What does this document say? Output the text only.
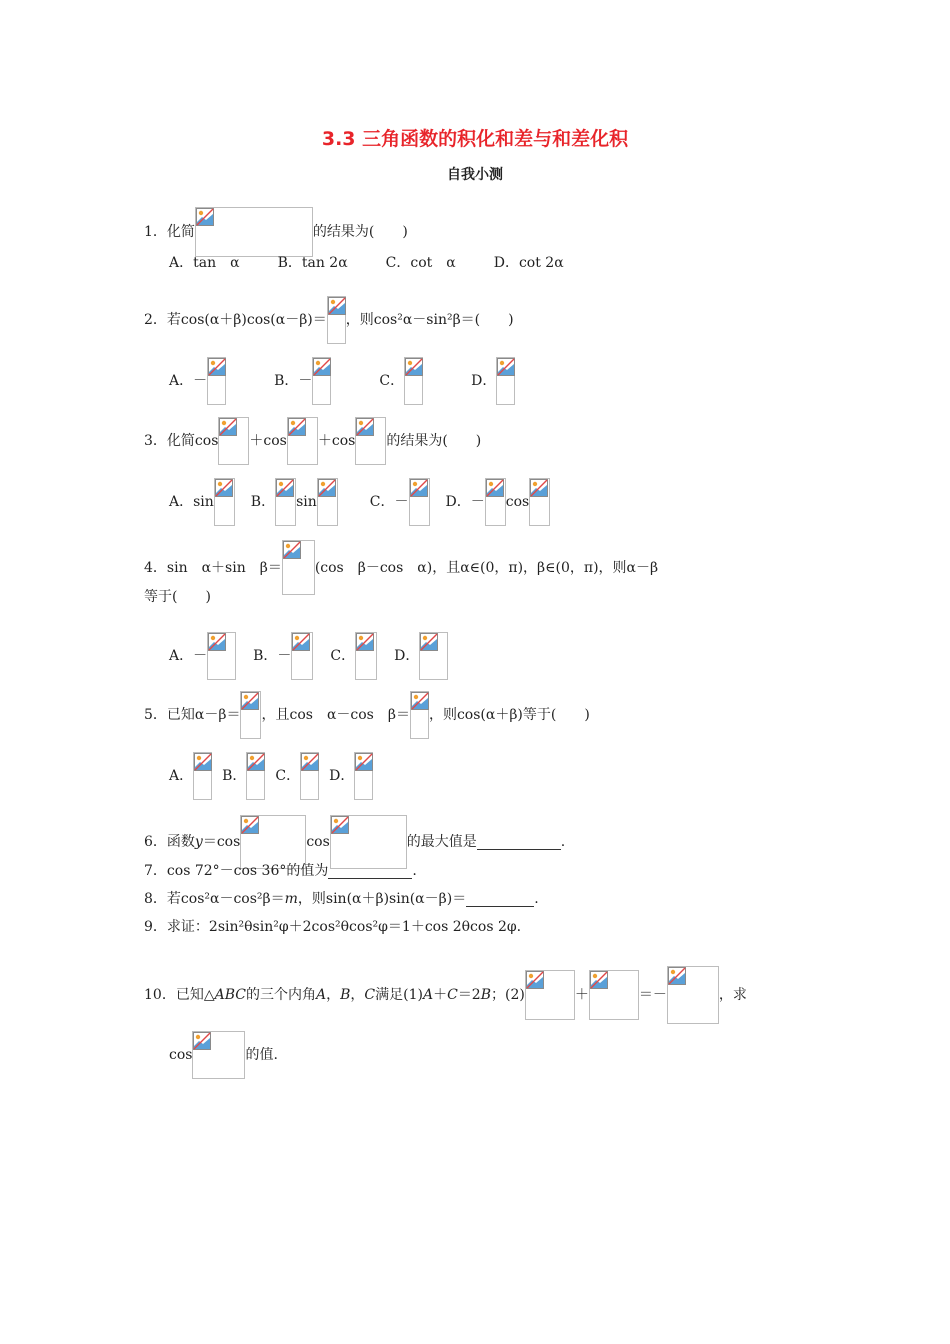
3.3 三角函数的积化和差与和差化积
自我小测
1．化简	的结果为(　　)
A．tan　α	B．tan 2α	C．cot　α	D．cot 2α
2．若cos(α＋β)cos(α－β)＝ ，则cos²α－sin²β＝(　　)
A．－	B．－	C．	D．
3．化简cos ＋cos ＋cos 的结果为(　　)
A．sin	B． sin	C．－	D．－ cos
4．sin　α＋sin　β＝ (cos　β－cos　α)，且α∈(0，π)，β∈(0，π)，则α－β
等于(　　)
A．－	B．－	C．	D．
5．已知α－β＝ ，且cos　α－cos　β＝ ，则cos(α＋β)等于(　　)
A． B． C． D．
6．函数y＝cos	cos	的最大值是	.
7．cos 72°－cos 36°的值为	.
8．若cos²α－cos²β＝m，则sin(α＋β)sin(α－β)＝	.
9．求证：2sin²θsin²φ＋2cos²θcos²φ＝1＋cos 2θcos 2φ.
10．已知△ABC的三个内角A，B，C满足(1)A＋C＝2B；(2)	＋	＝－	，求
cos	的值.
